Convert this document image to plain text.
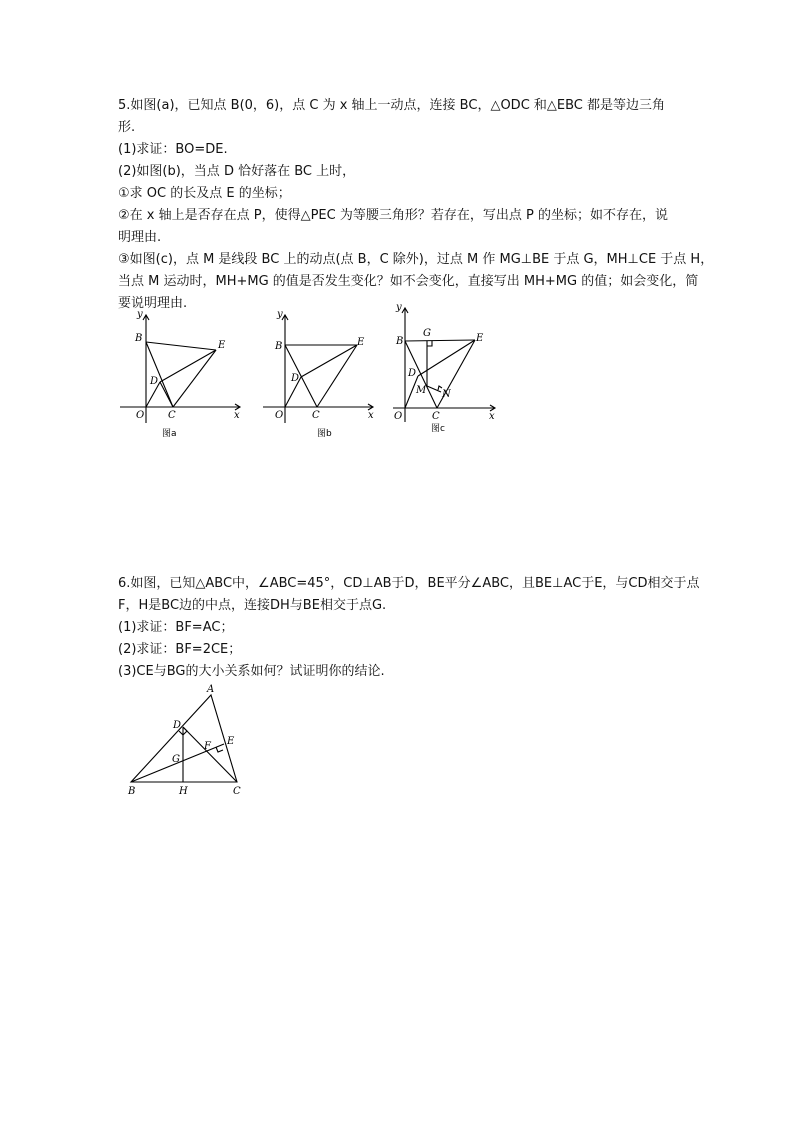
5.如图(a)，已知点 B(0，6)，点 C 为 x 轴上一动点，连接 BC，△ODC 和△EBC 都是等边三角
形.
(1)求证：BO=DE.
(2)如图(b)，当点 D 恰好落在 BC 上时，
①求 OC 的长及点 E 的坐标；
②在 x 轴上是否存在点 P，使得△PEC 为等腰三角形？若存在，写出点 P 的坐标；如不存在，说
明理由.
③如图(c)，点 M 是线段 BC 上的动点(点 B，C 除外)，过点 M 作 MG⊥BE 于点 G，MH⊥CE 于点 H，
当点 M 运动时，MH+MG 的值是否发生变化？如不会变化，直接写出 MH+MG 的值；如会变化，简
要说明理由.
y
B
E
D
O C	x
图a
y
B	E
D
O	C	x
图b
y
B
G	E
D
M N
O	C	x
图c
6.如图，已知△ABC中，∠ABC=45°，CD⊥AB于D，BE平分∠ABC，且BE⊥AC于E，与CD相交于点
F，H是BC边的中点，连接DH与BE相交于点G.
(1)求证：BF=AC；
(2)求证：BF=2CE；
(3)CE与BG的大小关系如何？试证明你的结论.
A
D
F E
G
B	H	C
